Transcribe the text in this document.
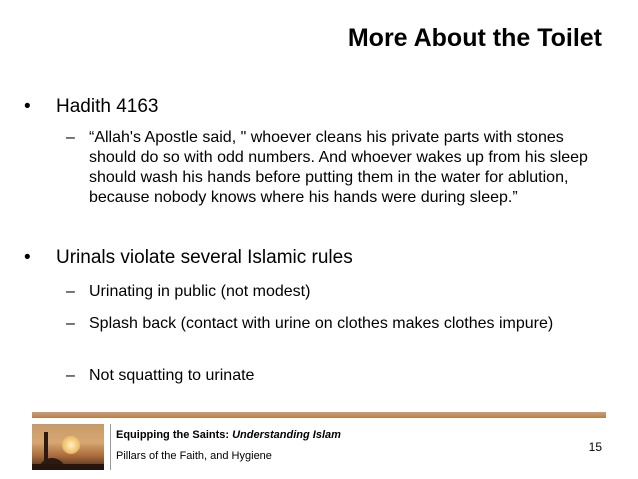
More About the Toilet
• Hadith 4163
– “Allah's Apostle said, " whoever cleans his private parts with stones should do so with odd numbers. And whoever wakes up from his sleep should wash his hands before putting them in the water for ablution, because nobody knows where his hands were during sleep.”
• Urinals violate several Islamic rules
– Urinating in public (not modest)
– Splash back (contact with urine on clothes makes clothes impure)
– Not squatting to urinate
Equipping the Saints: Understanding Islam
Pillars of the Faith, and Hygiene
15
